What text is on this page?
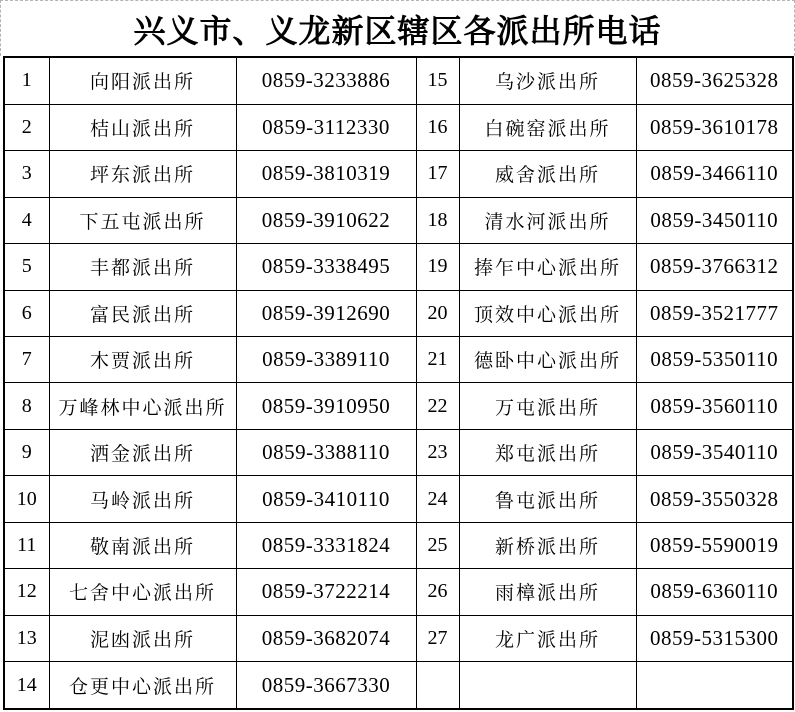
兴义市、义龙新区辖区各派出所电话
1	向阳派出所	0859-3233886	15	乌沙派出所	0859-3625328
2	桔山派出所	0859-3112330	16	白碗窑派出所	0859-3610178
3	坪东派出所	0859-3810319	17	威舍派出所	0859-3466110
4	下五屯派出所	0859-3910622	18	清水河派出所	0859-3450110
5	丰都派出所	0859-3338495	19	捧乍中心派出所	0859-3766312
6	富民派出所	0859-3912690	20	顶效中心派出所	0859-3521777
7	木贾派出所	0859-3389110	21	德卧中心派出所	0859-5350110
8	万峰林中心派出所	0859-3910950	22	万屯派出所	0859-3560110
9	洒金派出所	0859-3388110	23	郑屯派出所	0859-3540110
10	马岭派出所	0859-3410110	24	鲁屯派出所	0859-3550328
11	敬南派出所	0859-3331824	25	新桥派出所	0859-5590019
12	七舍中心派出所	0859-3722214	26	雨樟派出所	0859-6360110
13	泥凼派出所	0859-3682074	27	龙广派出所	0859-5315300
14	仓更中心派出所	0859-3667330			
